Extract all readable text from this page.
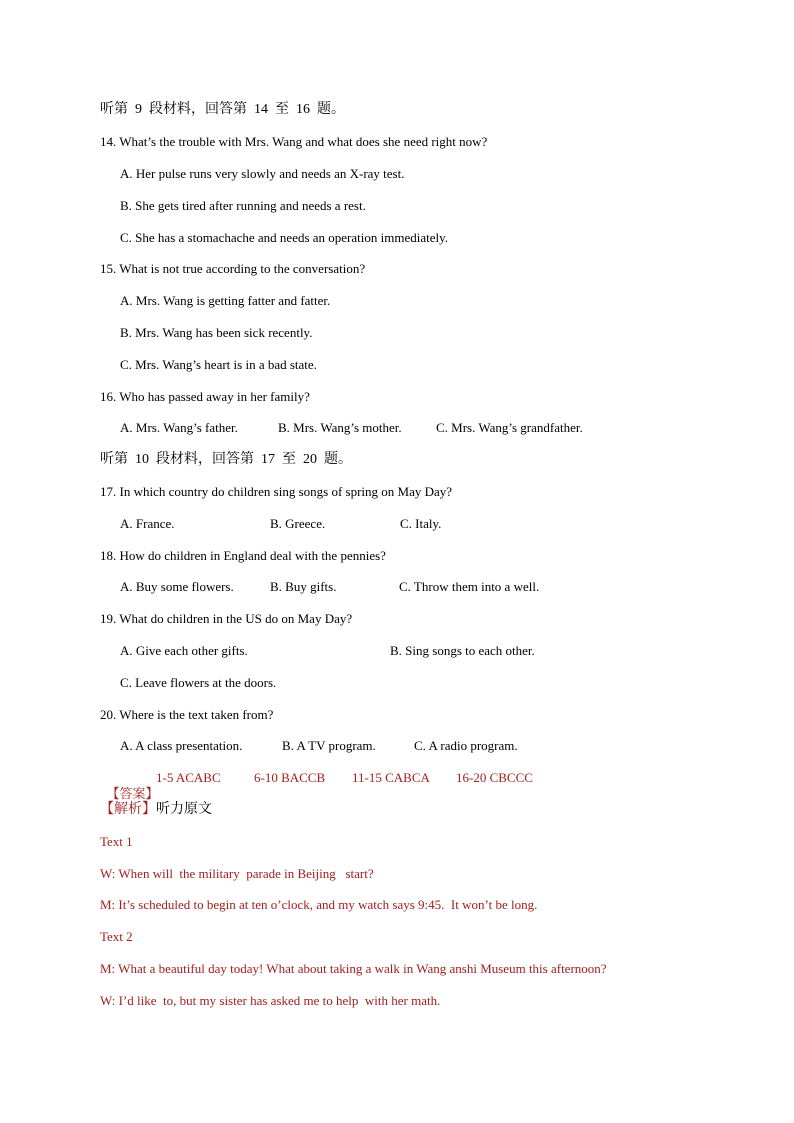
听第  9  段材料，回答第  14  至  16  题。
14. What’s the trouble with Mrs. Wang and what does she need right now?
A. Her pulse runs very slowly and needs an X-ray test.
B. She gets tired after running and needs a rest.
C. She has a stomachache and needs an operation immediately.
15. What is not true according to the conversation?
A. Mrs. Wang is getting fatter and fatter.
B. Mrs. Wang has been sick recently.
C. Mrs. Wang’s heart is in a bad state.
16. Who has passed away in her family?
A. Mrs. Wang’s father.	B. Mrs. Wang’s mother.	C. Mrs. Wang’s grandfather.
听第  10  段材料，回答第  17  至  20  题。
17. In which country do children sing songs of spring on May Day?
A. France.	B. Greece.	C. Italy.
18. How do children in England deal with the pennies?
A. Buy some flowers.	B. Buy gifts.	C. Throw them into a well.
19. What do children in the US do on May Day?
A. Give each other gifts.	B. Sing songs to each other.
C. Leave flowers at the doors.
20. Where is the text taken from?
A. A class presentation.	B. A TV program.	C. A radio program.

【答案】

1-5 ACABC	6-10 BACCB 11-15 CABCA 16-20 CBCCC
【解析】听力原文
Text 1
W: When will  the military  parade in Beijing   start?
M: It’s scheduled to begin at ten o’clock, and my watch says 9:45.  It won’t be long.
Text 2
M: What a beautiful day today! What about taking a walk in Wang anshi Museum this afternoon?
W: I’d like  to, but my sister has asked me to help  with her math.
